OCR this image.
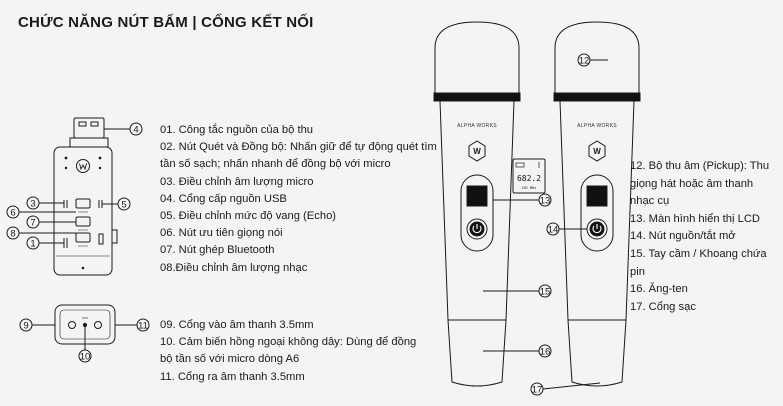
CHỨC NĂNG NÚT BẤM | CỔNG KẾT NỐI
01. Công tắc nguồn của bộ thu
02. Nút Quét và Đồng bộ: Nhấn giữ để tự động quét tìm tần số sạch; nhấn nhanh để đồng bộ với micro
03. Điều chỉnh âm lượng micro
04. Cổng cấp nguồn USB
05. Điều chỉnh mức độ vang (Echo)
06. Nút ưu tiên giọng nói
07. Nút ghép Bluetooth
08.Điều chỉnh âm lượng nhạc
09. Cổng vào âm thanh 3.5mm
10. Cảm biến hồng ngoại không dây: Dùng để đồng bộ tần số với micro dòng A6
11. Cổng ra âm thanh 3.5mm
12. Bộ thu âm (Pickup): Thu giọng hát hoặc âm thanh nhạc cụ
13. Màn hình hiển thị LCD
14. Nút nguồn/tắt mở
15. Tay cầm / Khoang chứa pin
16. Ăng-ten
17. Cổng sạc
ALPHA WORKS
W
682.2
CH1 MHz
ALPHA WORKS
W
4
3	5
6
7
8
1
9	11
10
12
13
14
15
16
17
